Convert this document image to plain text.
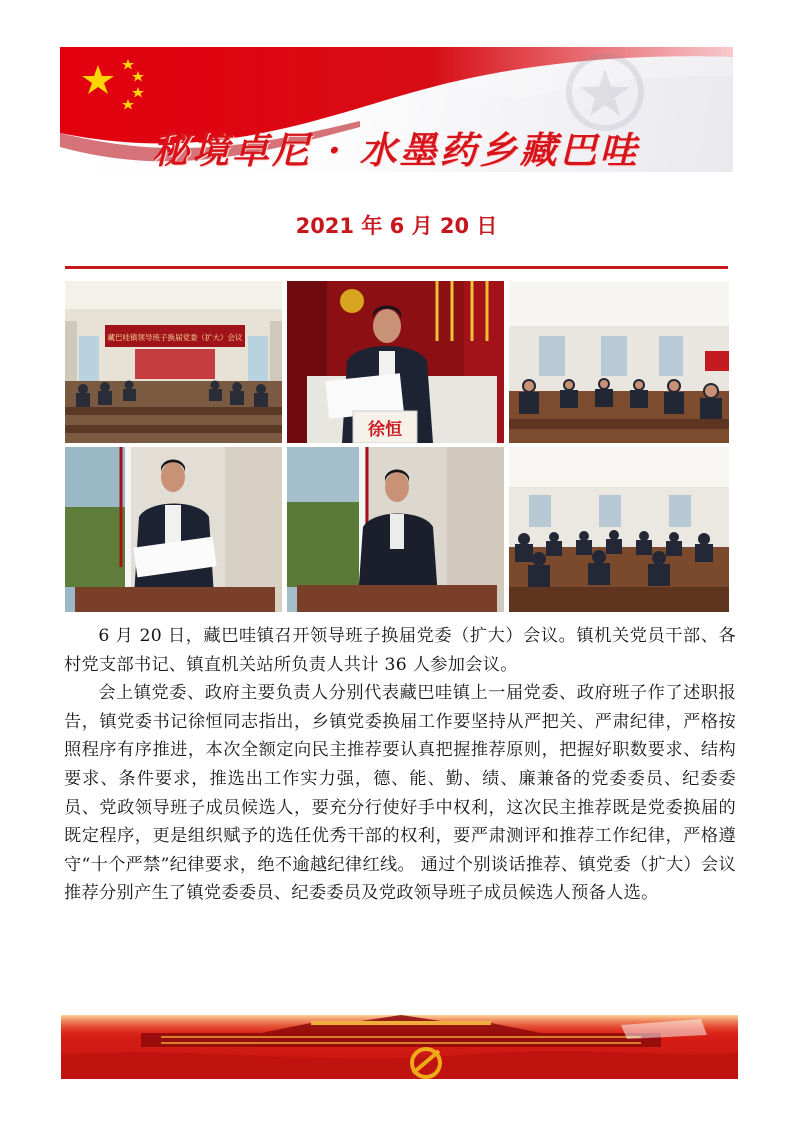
秘境卓尼 · 水墨药乡藏巴哇
2021 年 6 月 20 日
藏巴哇镇领导班子换届党委（扩大）会议
徐恒

6 月 20 日，藏巴哇镇召开领导班子换届党委（扩大）会议。镇机关党员干部、各村党支部书记、镇直机关站所负责人共计 36 人参加会议。

会上镇党委、政府主要负责人分别代表藏巴哇镇上一届党委、政府班子作了述职报告，镇党委书记徐恒同志指出，乡镇党委换届工作要坚持从严把关、严肃纪律，严格按照程序有序推进，本次全额定向民主推荐要认真把握推荐原则，把握好职数要求、结构要求、条件要求，推选出工作实力强，德、能、勤、绩、廉兼备的党委委员、纪委委员、党政领导班子成员候选人，要充分行使好手中权利，这次民主推荐既是党委换届的既定程序，更是组织赋予的选任优秀干部的权利，要严肃测评和推荐工作纪律，严格遵守“十个严禁”纪律要求，绝不逾越纪律红线。 通过个别谈话推荐、镇党委（扩大）会议推荐分别产生了镇党委委员、纪委委员及党政领导班子成员候选人预备人选。
